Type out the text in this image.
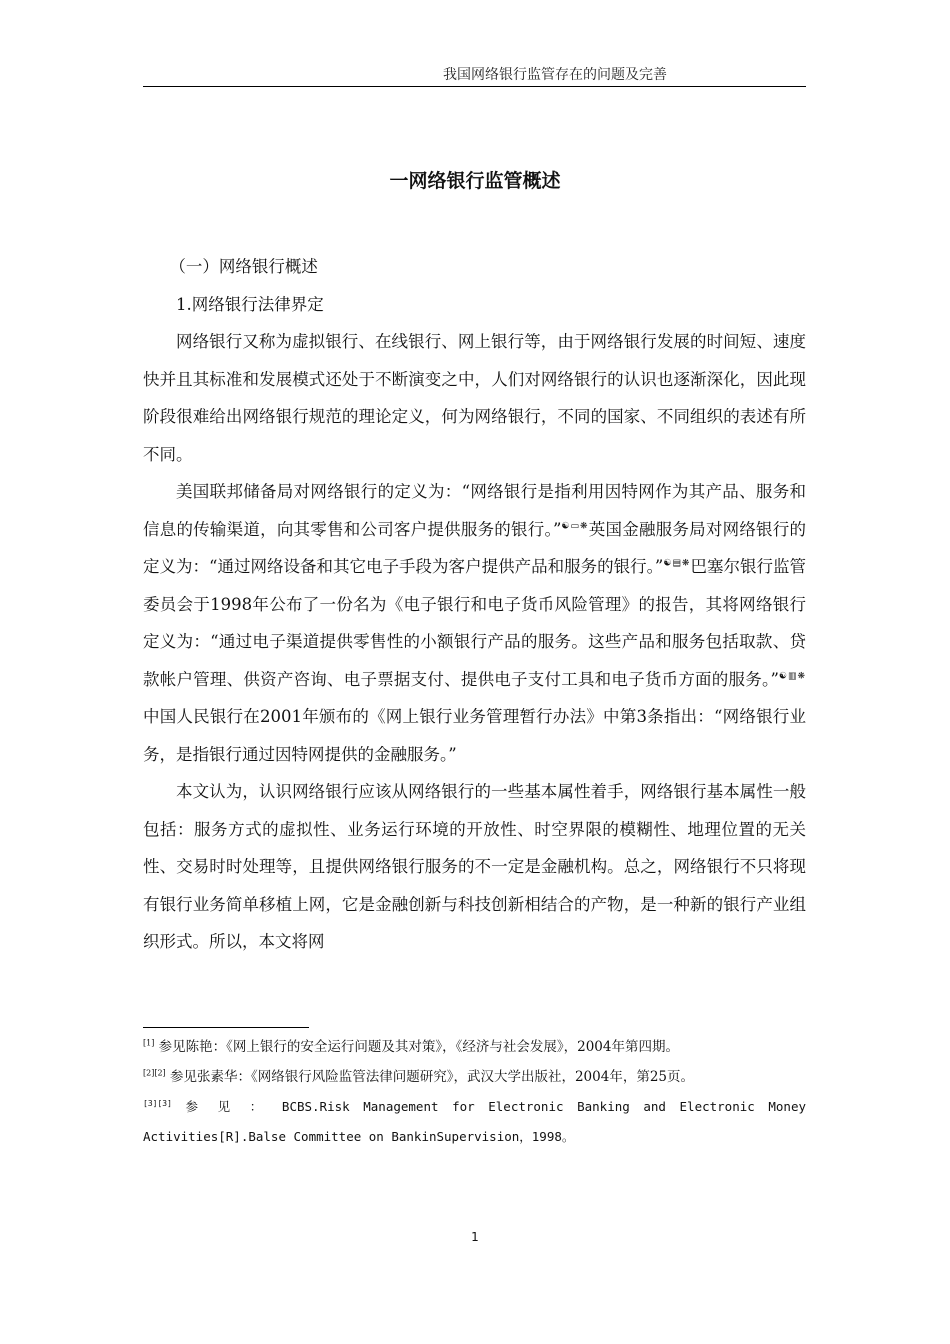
我国网络银行监管存在的问题及完善
一网络银行监管概述

（一）网络银行概述

1.网络银行法律界定

网络银行又称为虚拟银行、在线银行、网上银行等，由于网络银行发展的时间短、速度快并且其标准和发展模式还处于不断演变之中，人们对网络银行的认识也逐渐深化，因此现阶段很难给出网络银行规范的理论定义，何为网络银行，不同的国家、不同组织的表述有所不同。

美国联邦储备局对网络银行的定义为：“网络银行是指利用因特网作为其产品、服务和信息的传输渠道，向其零售和公司客户提供服务的银行。”☯▭❋英国金融服务局对网络银行的定义为：“通过网络设备和其它电子手段为客户提供产品和服务的银行。”☯▤❋巴塞尔银行监管委员会于1998年公布了一份名为《电子银行和电子货币风险管理》的报告，其将网络银行定义为：“通过电子渠道提供零售性的小额银行产品的服务。这些产品和服务包括取款、贷款帐户管理、供资产咨询、电子票据支付、提供电子支付工具和电子货币方面的服务。”☯▥❋中国人民银行在2001年颁布的《网上银行业务管理暂行办法》中第3条指出：“网络银行业务，是指银行通过因特网提供的金融服务。”

本文认为，认识网络银行应该从网络银行的一些基本属性着手，网络银行基本属性一般包括：服务方式的虚拟性、业务运行环境的开放性、时空界限的模糊性、地理位置的无关性、交易时时处理等，且提供网络银行服务的不一定是金融机构。总之，网络银行不只将现有银行业务简单移植上网，它是金融创新与科技创新相结合的产物，是一种新的银行产业组织形式。所以，本文将网

[1] 参见陈艳：《网上银行的安全运行问题及其对策》，《经济与社会发展》，2004年第四期。

[2][2] 参见张素华：《网络银行风险监管法律问题研究》，武汉大学出版社，2004年，第25页。

[3][3] 参 见 ： BCBS.Risk Management for Electronic Banking and Electronic Money Activities[R].Balse Committee on BankinSupervision，1998。

1
